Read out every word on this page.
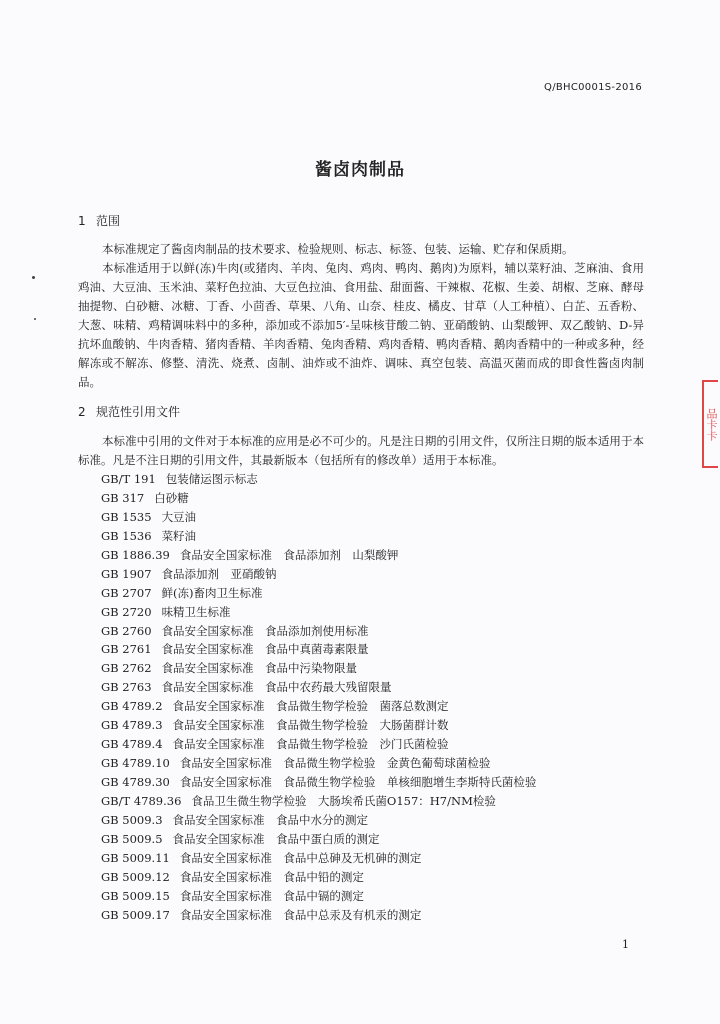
Q/BHC0001S-2016
酱卤肉制品
1 范围

本标准规定了酱卤肉制品的技术要求、检验规则、标志、标签、包装、运输、贮存和保质期。

本标准适用于以鲜(冻)牛肉(或猪肉、羊肉、兔肉、鸡肉、鸭肉、鹅肉)为原料，辅以菜籽油、芝麻油、食用鸡油、大豆油、玉米油、菜籽色拉油、大豆色拉油、食用盐、甜面酱、干辣椒、花椒、生姜、胡椒、芝麻、酵母抽提物、白砂糖、冰糖、丁香、小茴香、草果、八角、山奈、桂皮、橘皮、甘草（人工种植）、白芷、五香粉、大葱、味精、鸡精调味料中的多种，添加或不添加5′-呈味核苷酸二钠、亚硝酸钠、山梨酸钾、双乙酸钠、D-异抗坏血酸钠、牛肉香精、猪肉香精、羊肉香精、兔肉香精、鸡肉香精、鸭肉香精、鹅肉香精中的一种或多种，经解冻或不解冻、修整、清洗、烧煮、卤制、油炸或不油炸、调味、真空包装、高温灭菌而成的即食性酱卤肉制品。

2 规范性引用文件

本标准中引用的文件对于本标准的应用是必不可少的。凡是注日期的引用文件，仅所注日期的版本适用于本标准。凡是不注日期的引用文件，其最新版本（包括所有的修改单）适用于本标准。

GB/T 191 包装储运图示标志
GB 317 白砂糖
GB 1535 大豆油
GB 1536 菜籽油
GB 1886.39 食品安全国家标准　食品添加剂　山梨酸钾
GB 1907 食品添加剂　亚硝酸钠
GB 2707 鲜(冻)畜肉卫生标准
GB 2720 味精卫生标准
GB 2760 食品安全国家标准　食品添加剂使用标准
GB 2761 食品安全国家标准　食品中真菌毒素限量
GB 2762 食品安全国家标准　食品中污染物限量
GB 2763 食品安全国家标准　食品中农药最大残留限量
GB 4789.2 食品安全国家标准　食品微生物学检验　菌落总数测定
GB 4789.3 食品安全国家标准　食品微生物学检验　大肠菌群计数
GB 4789.4 食品安全国家标准　食品微生物学检验　沙门氏菌检验
GB 4789.10 食品安全国家标准　食品微生物学检验　金黄色葡萄球菌检验
GB 4789.30 食品安全国家标准　食品微生物学检验　单核细胞增生李斯特氏菌检验
GB/T 4789.36 食品卫生微生物学检验　大肠埃希氏菌O157：H7/NM检验
GB 5009.3 食品安全国家标准　食品中水分的测定
GB 5009.5 食品安全国家标准　食品中蛋白质的测定
GB 5009.11 食品安全国家标准　食品中总砷及无机砷的测定
GB 5009.12 食品安全国家标准　食品中铅的测定
GB 5009.15 食品安全国家标准　食品中镉的测定
GB 5009.17 食品安全国家标准　食品中总汞及有机汞的测定
1
品卡卡
